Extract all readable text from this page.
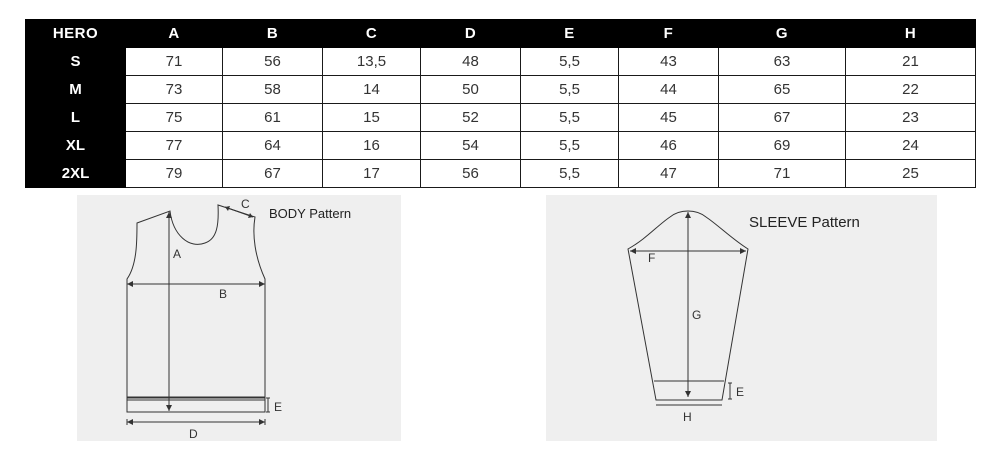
HERO	A	B	C	D	E	F	G	H
S	71	56	13,5	48	5,5	43	63	21
M	73	58	14	50	5,5	44	65	22
L	75	61	15	52	5,5	45	67	23
XL	77	64	16	54	5,5	46	69	24
2XL	79	67	17	56	5,5	47	71	25
A
B
C
D
E
BODY Pattern
F
G
E
H
SLEEVE Pattern
